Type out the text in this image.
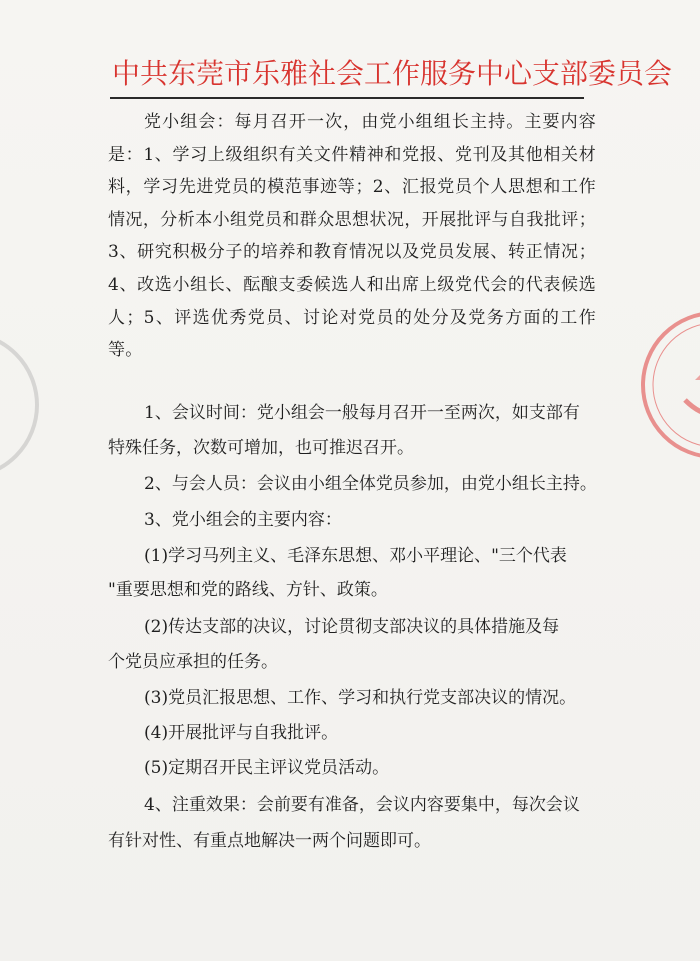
中共东莞市乐雅社会工作服务中心支部委员会
党小组会：每月召开一次，由党小组组长主持。主要内容是：1、学习上级组织有关文件精神和党报、党刊及其他相关材料，学习先进党员的模范事迹等；2、汇报党员个人思想和工作情况，分析本小组党员和群众思想状况，开展批评与自我批评；3、研究积极分子的培养和教育情况以及党员发展、转正情况；4、改选小组长、酝酿支委候选人和出席上级党代会的代表候选人；5、评选优秀党员、讨论对党员的处分及党务方面的工作等。
1、会议时间：党小组会一般每月召开一至两次，如支部有
特殊任务，次数可增加，也可推迟召开。
2、与会人员：会议由小组全体党员参加，由党小组长主持。
3、党小组会的主要内容：
(1)学习马列主义、毛泽东思想、邓小平理论、"三个代表
"重要思想和党的路线、方针、政策。
(2)传达支部的决议，讨论贯彻支部决议的具体措施及每
个党员应承担的任务。
(3)党员汇报思想、工作、学习和执行党支部决议的情况。
(4)开展批评与自我批评。
(5)定期召开民主评议党员活动。
4、注重效果：会前要有准备，会议内容要集中，每次会议
有针对性、有重点地解决一两个问题即可。
